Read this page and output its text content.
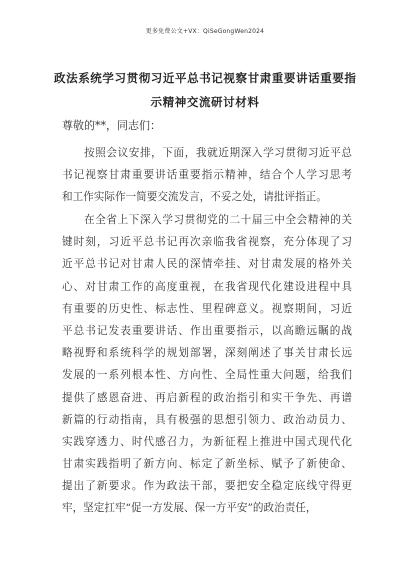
更多免费公文+VX：QiSeGongWen2024
政法系统学习贯彻习近平总书记视察甘肃重要讲话重要指
示精神交流研讨材料
尊敬的**，同志们：
按照会议安排，下面，我就近期深入学习贯彻习近平总
书记视察甘肃重要讲话重要指示精神，结合个人学习思考
和工作实际作一简要交流发言，不妥之处，请批评指正。
在全省上下深入学习贯彻党的二十届三中全会精神的关
键时刻，习近平总书记再次亲临我省视察，充分体现了习
近平总书记对甘肃人民的深情牵挂、对甘肃发展的格外关
心、对甘肃工作的高度重视，在我省现代化建设进程中具
有重要的历史性、标志性、里程碑意义。视察期间，习近
平总书记发表重要讲话、作出重要指示，以高瞻远瞩的战
略视野和系统科学的规划部署，深刻阐述了事关甘肃长远
发展的一系列根本性、方向性、全局性重大问题，给我们
提供了感恩奋进、再启新程的政治指引和实干争先、再谱
新篇的行动指南，具有极强的思想引领力、政治动员力、
实践穿透力、时代感召力，为新征程上推进中国式现代化
甘肃实践指明了新方向、标定了新坐标、赋予了新使命、
提出了新要求。作为政法干部，要把安全稳定底线守得更
牢，坚定扛牢“促一方发展、保一方平安”的政治责任，
